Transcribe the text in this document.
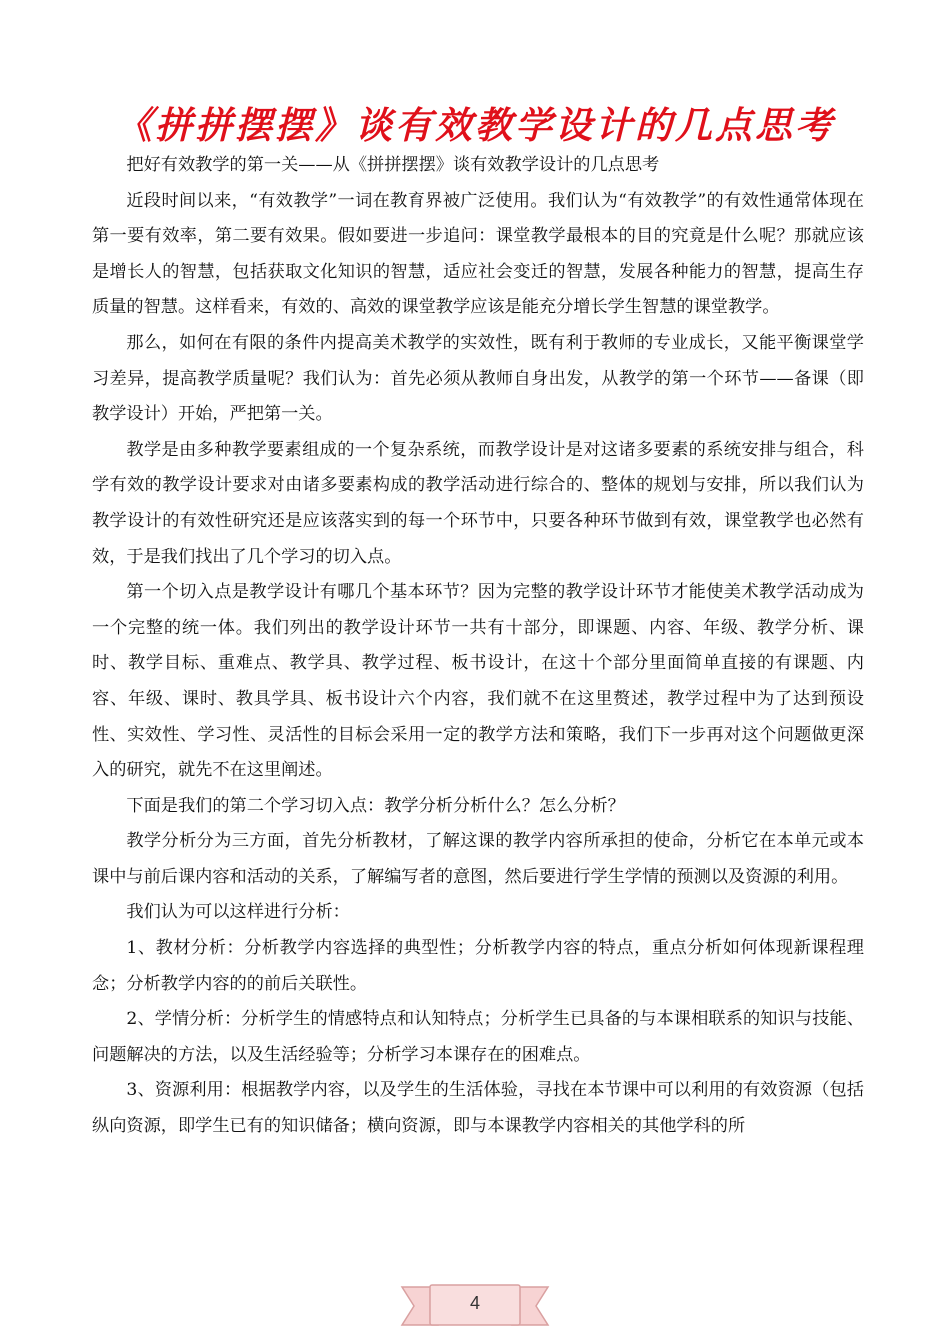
《拼拼摆摆》谈有效教学设计的几点思考

把好有效教学的第一关——从《拼拼摆摆》谈有效教学设计的几点思考

近段时间以来，“有效教学”一词在教育界被广泛使用。我们认为“有效教学”的有效性通常体现在第一要有效率，第二要有效果。假如要进一步追问：课堂教学最根本的目的究竟是什么呢？那就应该是增长人的智慧，包括获取文化知识的智慧，适应社会变迁的智慧，发展各种能力的智慧，提高生存质量的智慧。这样看来，有效的、高效的课堂教学应该是能充分增长学生智慧的课堂教学。

那么，如何在有限的条件内提高美术教学的实效性，既有利于教师的专业成长，又能平衡课堂学习差异，提高教学质量呢？我们认为：首先必须从教师自身出发，从教学的第一个环节——备课（即教学设计）开始，严把第一关。

教学是由多种教学要素组成的一个复杂系统，而教学设计是对这诸多要素的系统安排与组合，科学有效的教学设计要求对由诸多要素构成的教学活动进行综合的、整体的规划与安排，所以我们认为教学设计的有效性研究还是应该落实到的每一个环节中，只要各种环节做到有效，课堂教学也必然有效，于是我们找出了几个学习的切入点。

第一个切入点是教学设计有哪几个基本环节？因为完整的教学设计环节才能使美术教学活动成为一个完整的统一体。我们列出的教学设计环节一共有十部分，即课题、内容、年级、教学分析、课时、教学目标、重难点、教学具、教学过程、板书设计，在这十个部分里面简单直接的有课题、内容、年级、课时、教具学具、板书设计六个内容，我们就不在这里赘述，教学过程中为了达到预设性、实效性、学习性、灵活性的目标会采用一定的教学方法和策略，我们下一步再对这个问题做更深入的研究，就先不在这里阐述。

下面是我们的第二个学习切入点：教学分析分析什么？怎么分析？

教学分析分为三方面，首先分析教材，了解这课的教学内容所承担的使命，分析它在本单元或本课中与前后课内容和活动的关系，了解编写者的意图，然后要进行学生学情的预测以及资源的利用。

我们认为可以这样进行分析：

1、教材分析：分析教学内容选择的典型性；分析教学内容的特点，重点分析如何体现新课程理念；分析教学内容的的前后关联性。

2、学情分析：分析学生的情感特点和认知特点；分析学生已具备的与本课相联系的知识与技能、问题解决的方法，以及生活经验等；分析学习本课存在的困难点。

3、资源利用：根据教学内容，以及学生的生活体验，寻找在本节课中可以利用的有效资源（包括纵向资源，即学生已有的知识储备；横向资源，即与本课教学内容相关的其他学科的所

4
